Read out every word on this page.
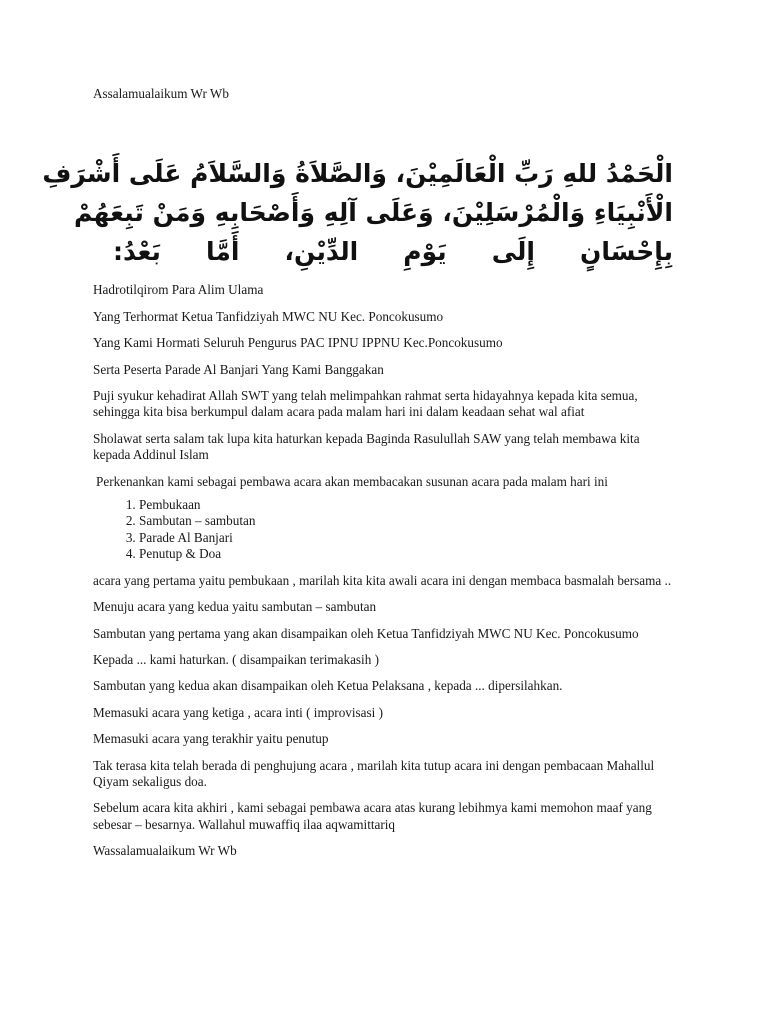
Assalamualaikum Wr Wb

الْحَمْدُ للهِ رَبِّ الْعَالَمِيْنَ، وَالصَّلاَةُ وَالسَّلاَمُ عَلَى أَشْرَفِ
الْأَنْبِيَاءِ وَالْمُرْسَلِيْنَ، وَعَلَى آلِهِ وَأَصْحَابِهِ وَمَنْ تَبِعَهُمْ
بِإِحْسَانٍ إِلَى يَوْمِ الدِّيْنِ، أَمَّا بَعْدُ:

Hadrotilqirom Para Alim Ulama

Yang Terhormat Ketua Tanfidziyah MWC NU Kec. Poncokusumo

Yang Kami Hormati Seluruh Pengurus PAC IPNU IPPNU Kec.Poncokusumo

Serta Peserta Parade Al Banjari Yang Kami Banggakan

Puji syukur kehadirat Allah SWT yang telah melimpahkan rahmat serta hidayahnya kepada kita semua, sehingga kita bisa berkumpul dalam acara pada malam hari ini dalam keadaan sehat wal afiat

Sholawat serta salam tak lupa kita haturkan kepada Baginda Rasulullah SAW yang telah membawa kita kepada Addinul Islam

Perkenankan kami sebagai pembawa acara akan membacakan susunan acara pada malam hari ini

1. Pembukaan
2. Sambutan – sambutan
3. Parade Al Banjari
4. Penutup & Doa

acara yang pertama yaitu pembukaan , marilah kita kita awali acara ini dengan membaca basmalah bersama ..

Menuju acara yang kedua yaitu sambutan – sambutan

Sambutan yang pertama yang akan disampaikan oleh Ketua Tanfidziyah MWC NU Kec. Poncokusumo

Kepada ... kami haturkan. ( disampaikan terimakasih )

Sambutan yang kedua akan disampaikan oleh Ketua Pelaksana , kepada ... dipersilahkan.

Memasuki acara yang ketiga , acara inti ( improvisasi )

Memasuki acara yang terakhir yaitu penutup

Tak terasa kita telah berada di penghujung acara , marilah kita tutup acara ini dengan pembacaan Mahallul Qiyam sekaligus doa.

Sebelum acara kita akhiri , kami sebagai pembawa acara atas kurang lebihmya kami memohon maaf yang sebesar – besarnya. Wallahul muwaffiq ilaa aqwamittariq

Wassalamualaikum Wr Wb
